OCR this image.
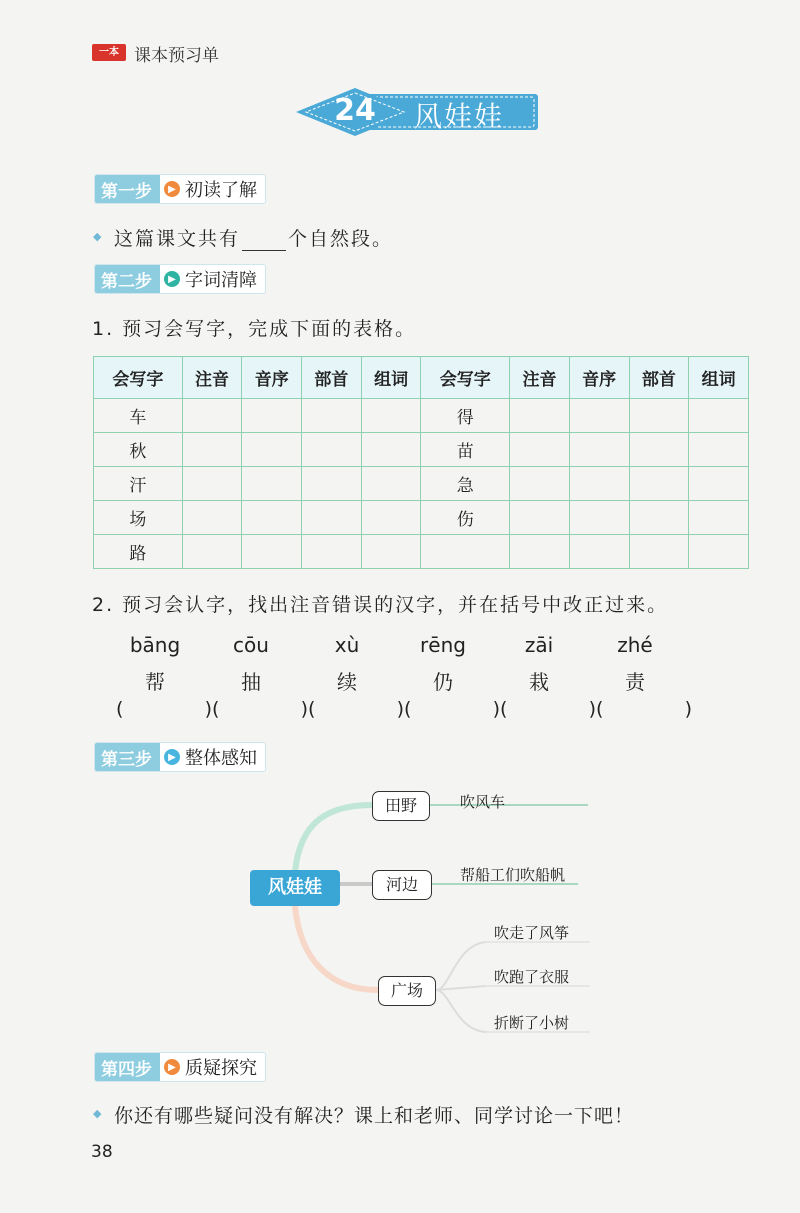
一本 课本预习单
24 风娃娃
第一步	▶ 初读了解
◆ 这篇课文共有	个自然段。
第二步	▶ 字词清障
1. 预习会写字，完成下面的表格。
会写字	注音	音序	部首	组词	会写字	注音	音序	部首	组词
车					得				
秋					苗				
汗					急				
场					伤				
路									
2. 预习会认字，找出注音错误的汉字，并在括号中改正过来。
bāng	cōu	xù	rēng	zāi	zhé
帮	抽	续	仍	栽	责
(	) (	) (	) (	) (	) (	)
第三步	▶ 整体感知
风娃娃
田野
河边
广场
吹风车
帮船工们吹船帆
吹走了风筝
吹跑了衣服
折断了小树
第四步	▶ 质疑探究
◆ 你还有哪些疑问没有解决？课上和老师、同学讨论一下吧！
38
